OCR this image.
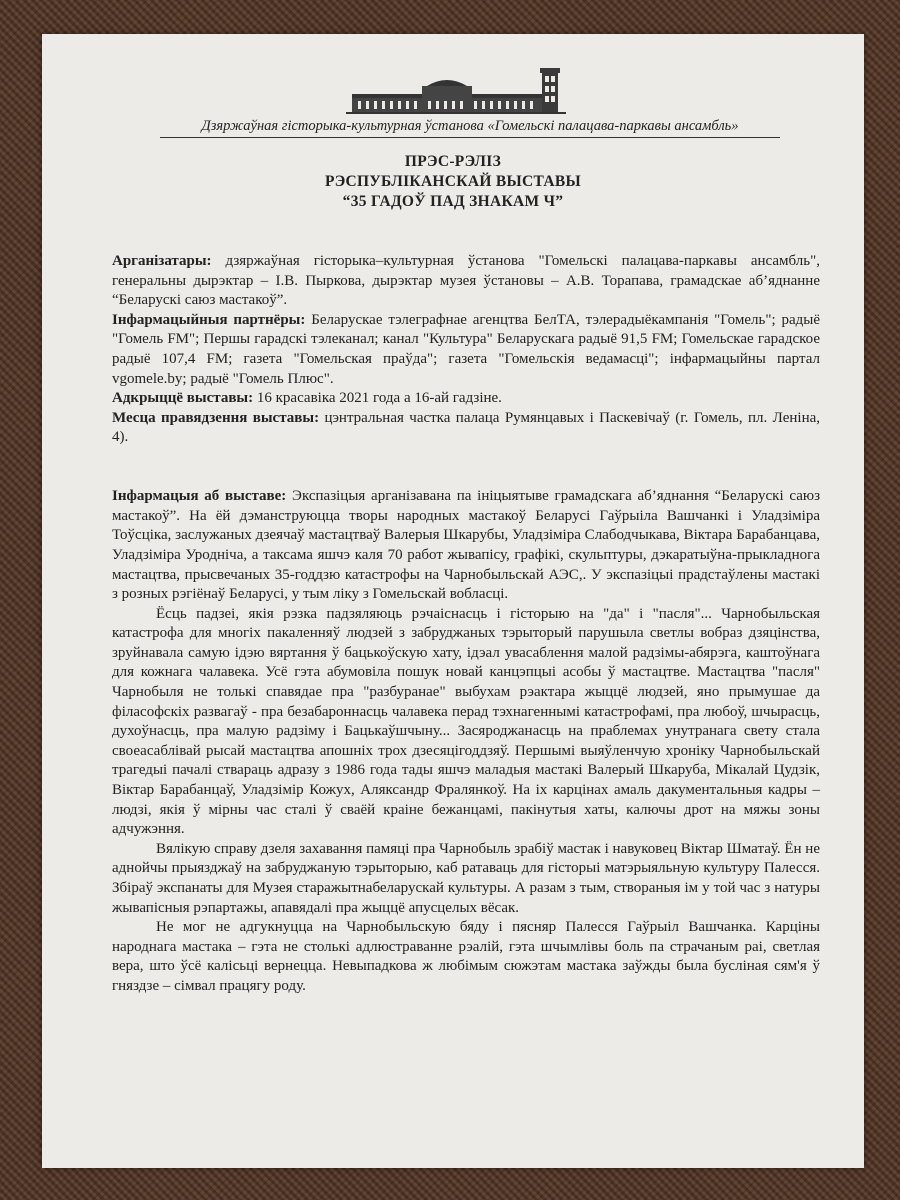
Дзяржаўная гісторыка-культурная ўстанова «Гомельскі палацава-паркавы ансамбль»
ПРЭС-РЭЛІЗ
РЭСПУБЛІКАНСКАЙ ВЫСТАВЫ
“35 ГАДОЎ ПАД ЗНАКАМ Ч”

Арганізатары: дзяржаўная гісторыка–культурная ўстанова "Гомельскі палацава-паркавы ансамбль", генеральны дырэктар – І.В. Пыркова, дырэктар музея ўстановы – А.В. Торапава, грамадскае аб’яднанне “Беларускі саюз мастакоў”.

Інфармацыйныя партнёры: Беларускае тэлеграфнае агенцтва БелТА, тэлерадыёкампанія "Гомель"; радыё "Гомель FM"; Першы гарадскі тэлеканал; канал "Культура" Беларускага радыё 91,5 FM; Гомельскае гарадское радыё 107,4 FM; газета "Гомельская праўда"; газета "Гомельскія ведамасці"; інфармацыйны партал vgomele.by; радыё "Гомель Плюс".

Адкрыццё выставы: 16 красавіка 2021 года а 16-ай гадзіне.

Месца правядзення выставы: цэнтральная частка палаца Румянцавых і Паскевічаў (г. Гомель, пл. Леніна, 4).

Інфармацыя аб выставе: Экспазіцыя арганізавана па ініцыятыве грамадскага аб’яднання “Беларускі саюз мастакоў”. На ёй дэманструюцца творы народных мастакоў Беларусі Гаўрыіла Вашчанкі і Уладзіміра Тоўсціка, заслужаных дзеячаў мастацтваў Валерыя Шкарубы, Уладзіміра Слабодчыкава, Віктара Барабанцава, Уладзіміра Уродніча, а таксама яшчэ каля 70 работ жывапісу, графікі, скульптуры, дэкаратыўна-прыкладнога мастацтва, прысвечаных 35-годдзю катастрофы на Чарнобыльскай АЭС,. У экспазіцыі прадстаўлены мастакі з розных рэгіёнаў Беларусі, у тым ліку з Гомельскай вобласці.

Ёсць падзеі, якія рэзка падзяляюць рэчаіснасць і гісторыю на "да" і "пасля"... Чарнобыльская катастрофа для многіх пакаленняў людзей з забруджаных тэрыторый парушыла светлы вобраз дзяцінства, зруйнавала самую ідэю вяртання ў бацькоўскую хату, ідэал увасаблення малой радзімы-абярэга, каштоўнага для кожнага чалавека. Усё гэта абумовіла пошук новай канцэпцыі асобы ў мастацтве. Мастацтва "пасля" Чарнобыля не толькі спавядае пра "разбуранае" выбухам рэактара жыццё людзей, яно прымушае да філасофскіх развагаў - пра безабароннасць чалавека перад тэхнагеннымі катастрофамі, пра любоў, шчырасць, духоўнасць, пра малую радзіму і Бацькаўшчыну... Засяроджанасць на праблемах унутранага свету стала своеасаблівай рысай мастацтва апошніх трох дзесяцігоддзяў. Першымі выяўленчую хроніку Чарнобыльскай трагедыі пачалі ствараць адразу з 1986 года тады яшчэ маладыя мастакі Валерый Шкаруба, Мікалай Цудзік, Віктар Барабанцаў, Уладзімір Кожух, Аляксандр Фралянкоў. На іх карцінах амаль дакументальныя кадры – людзі, якія ў мірны час сталі ў сваёй краіне бежанцамі, пакінутыя хаты, калючы дрот на мяжы зоны адчужэння.

Вялікую справу дзеля захавання памяці пра Чарнобыль зрабіў мастак і навуковец Віктар Шматаў. Ён не аднойчы прыязджаў на забруджаную тэрыторыю, каб ратаваць для гісторыі матэрыяльную культуру Палесся. Збіраў экспанаты для Музея старажытнабеларускай культуры. А разам з тым, створаныя ім у той час з натуры жывапісныя рэпартажы, апавядалі пра жыццё апусцелых вёсак.

Не мог не адгукнуцца на Чарнобыльскую бяду і пясняр Палесся Гаўрыіл Вашчанка. Карціны народнага мастака – гэта не столькі адлюстраванне рэалій, гэта шчымлівы боль па страчаным раі, светлая вера, што ўсё калісьці вернецца. Невыпадкова ж любімым сюжэтам мастака заўжды была буслiная сям'я ў гняздзе – сiмвал працягу роду.
